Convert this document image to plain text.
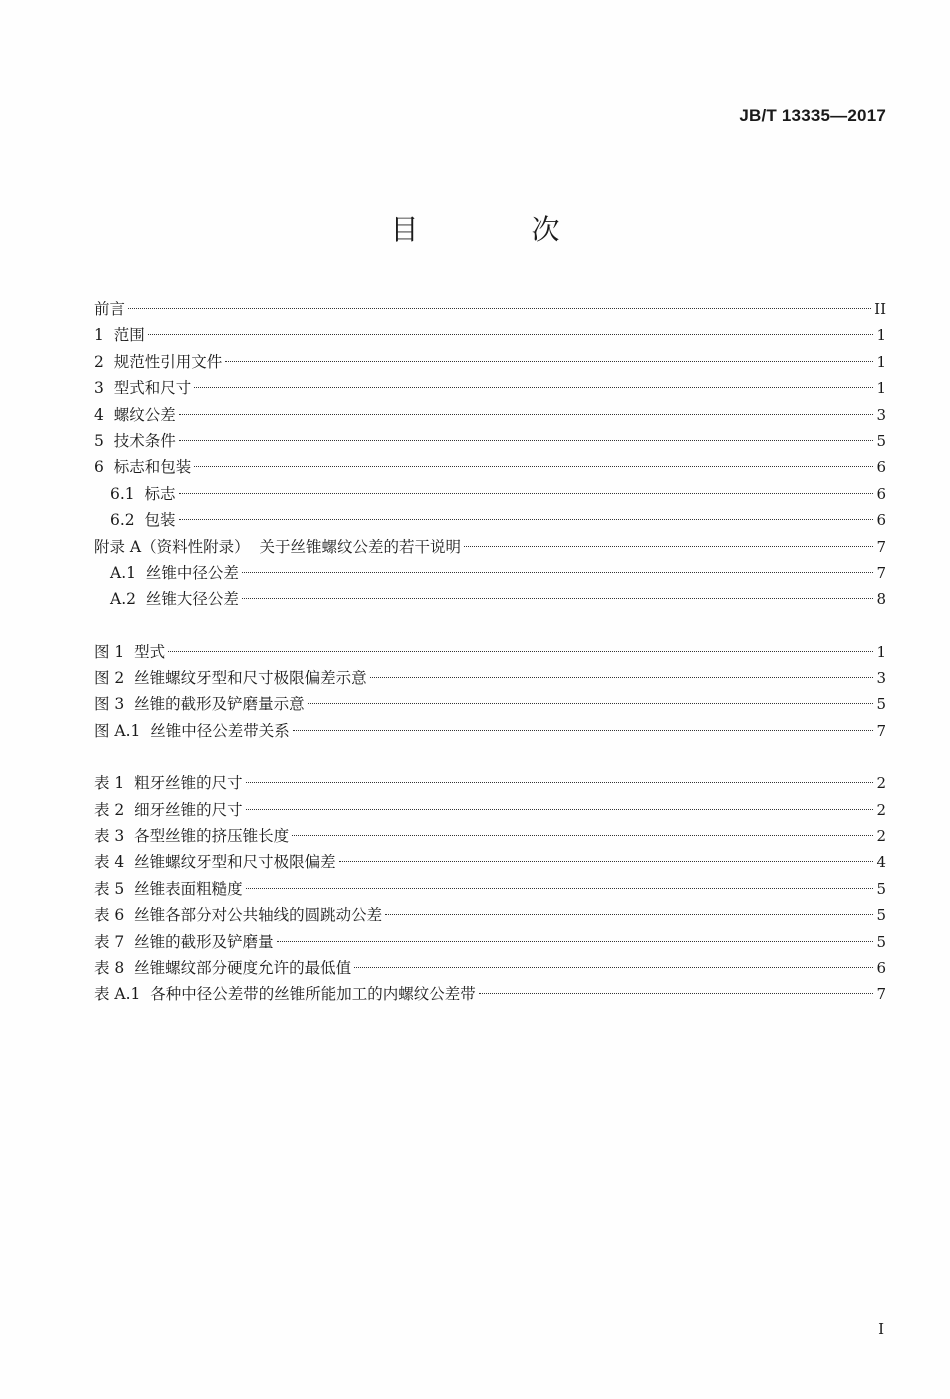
JB/T 13335—2017
目 次
前言	II
1  范围	1
2  规范性引用文件	1
3  型式和尺寸	1
4  螺纹公差	3
5  技术条件	5
6  标志和包装	6
6.1  标志	6
6.2  包装	6
附录 A（资料性附录）  关于丝锥螺纹公差的若干说明	7
A.1  丝锥中径公差	7
A.2  丝锥大径公差	8
图 1  型式	1
图 2  丝锥螺纹牙型和尺寸极限偏差示意	3
图 3  丝锥的截形及铲磨量示意	5
图 A.1  丝锥中径公差带关系	7
表 1  粗牙丝锥的尺寸	2
表 2  细牙丝锥的尺寸	2
表 3  各型丝锥的挤压锥长度	2
表 4  丝锥螺纹牙型和尺寸极限偏差	4
表 5  丝锥表面粗糙度	5
表 6  丝锥各部分对公共轴线的圆跳动公差	5
表 7  丝锥的截形及铲磨量	5
表 8  丝锥螺纹部分硬度允许的最低值	6
表 A.1  各种中径公差带的丝锥所能加工的内螺纹公差带	7
I
